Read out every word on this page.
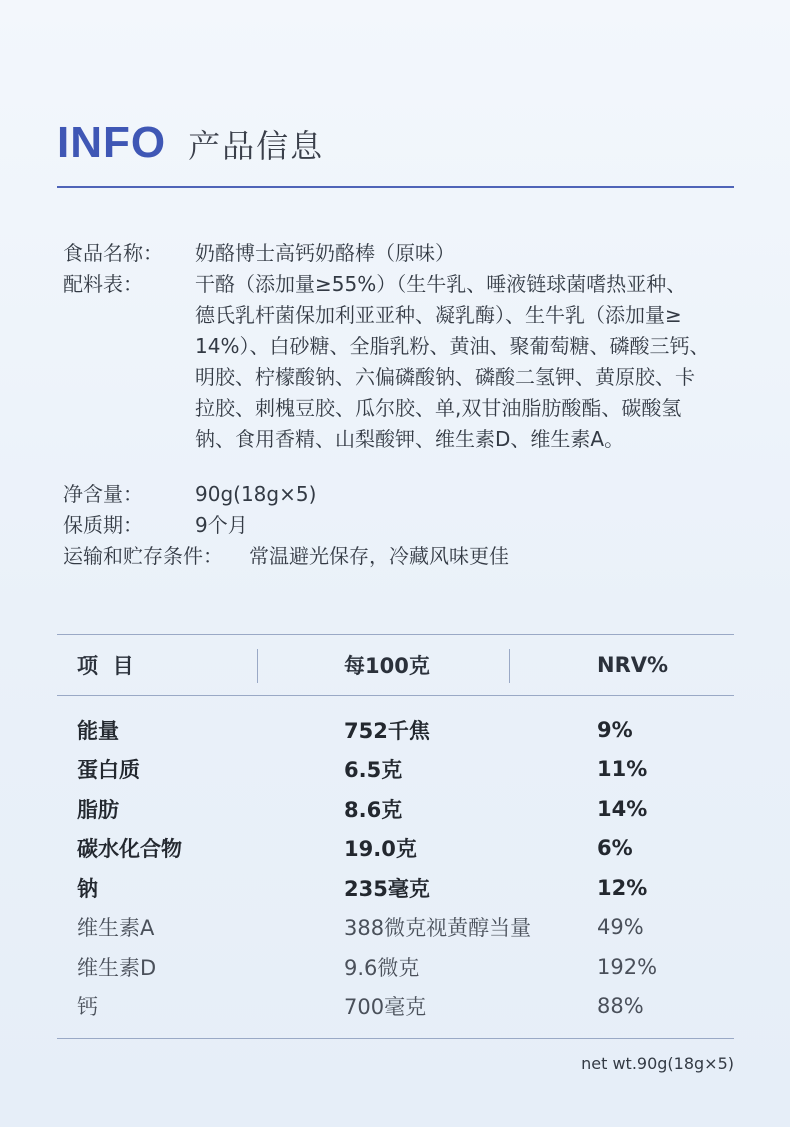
INFO 产品信息
食品名称：	奶酪博士高钙奶酪棒（原味）
配料表：	干酪（添加量≥55%）（生牛乳、唾液链球菌嗜热亚种、
德氏乳杆菌保加利亚亚种、凝乳酶）、生牛乳（添加量≥
14%）、白砂糖、全脂乳粉、黄油、聚葡萄糖、磷酸三钙、
明胶、柠檬酸钠、六偏磷酸钠、磷酸二氢钾、黄原胶、卡
拉胶、刺槐豆胶、瓜尔胶、单,双甘油脂肪酸酯、碳酸氢
钠、食用香精、山梨酸钾、维生素D、维生素A。
净含量：	90g(18g×5)
保质期：	9个月
运输和贮存条件： 常温避光保存，冷藏风味更佳
项  目	每100克	NRV%
能量	752千焦	9%
蛋白质	6.5克	11%
脂肪	8.6克	14%
碳水化合物	19.0克	6%
钠	235毫克	12%
维生素A	388微克视黄醇当量	49%
维生素D	9.6微克	192%
钙	700毫克	88%
net wt.90g(18g×5)
